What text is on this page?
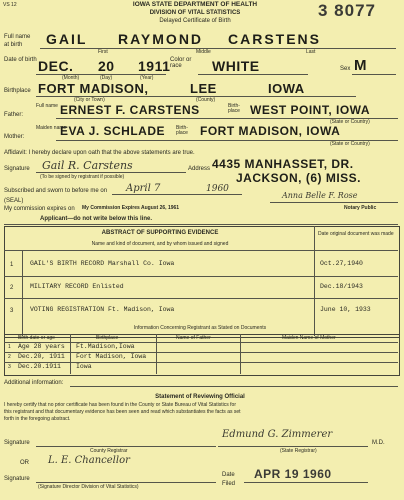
VS 12	IOWA STATE DEPARTMENT OF HEALTH
DIVISION OF VITAL STATISTICS
Delayed Certificate of Birth
3 8077
Full name
at birth GAIL RAYMOND CARSTENS
First	Middle	Last
Date of birth DEC. 20 1911
(Month)	(Day)	(Year)
Color or race	WHITE	Sex M
Birthplace FORT MADISON,	LEE	IOWA
(City or Town)	(County)
Full name
Father:	ERNEST F. CARSTENS	Birth-place WEST POINT, IOWA
(State or Country)
Maiden name
Mother:	EVA J. SCHLADE Birth-place	FORT MADISON, IOWA
(State or Country)
Affidavit: I hereby declare upon oath that the above statements are true.
Signature Gail R. Carstens
(To be signed by registrant if possible)
Address 4435 MANHASSET, DR.
JACKSON, (6) MISS.
Subscribed and sworn to before me on April 7	1960
(SEAL)
Anna Belle F. Rose
My commission expires on My Commission Expires August 26, 1961	Notary Public
Applicant—do not write below this line.
ABSTRACT OF SUPPORTING EVIDENCE
Name and kind of document, and by whom issued and signed
Date original document was made
1	GAIL'S BIRTH RECORD Marshall Co. Iowa	Oct.27,1940
2	MILITARY RECORD Enlisted	Dec.18/1943
3	VOTING REGISTRATION Ft. Madison, Iowa	June 10, 1933
Information Concerning Registrant as Stated on Documents
Birth date or age	Birthplace	Name of Father	Maiden Name of Mother
1 Age 28 years Ft.Madison,Iowa
2 Dec.20, 1911 Fort Madison, Iowa
3 Dec.20.1911 Iowa
Additional information:
Statement of Reviewing Official
I hereby certify that no prior certificate has been found in the County or State Bureau of Vital Statistics for
this registrant and that documentary evidence has been seen and read which substantiates the facts as set
forth in the foregoing abstract.
Signature
County Registrar
Edmund G. Zimmerer
M.D.
(State Registrar)
OR L. E. Chancellor
Signature
(Signature Director Division of Vital Statistics)
Date
Filed
APR 19 1960
